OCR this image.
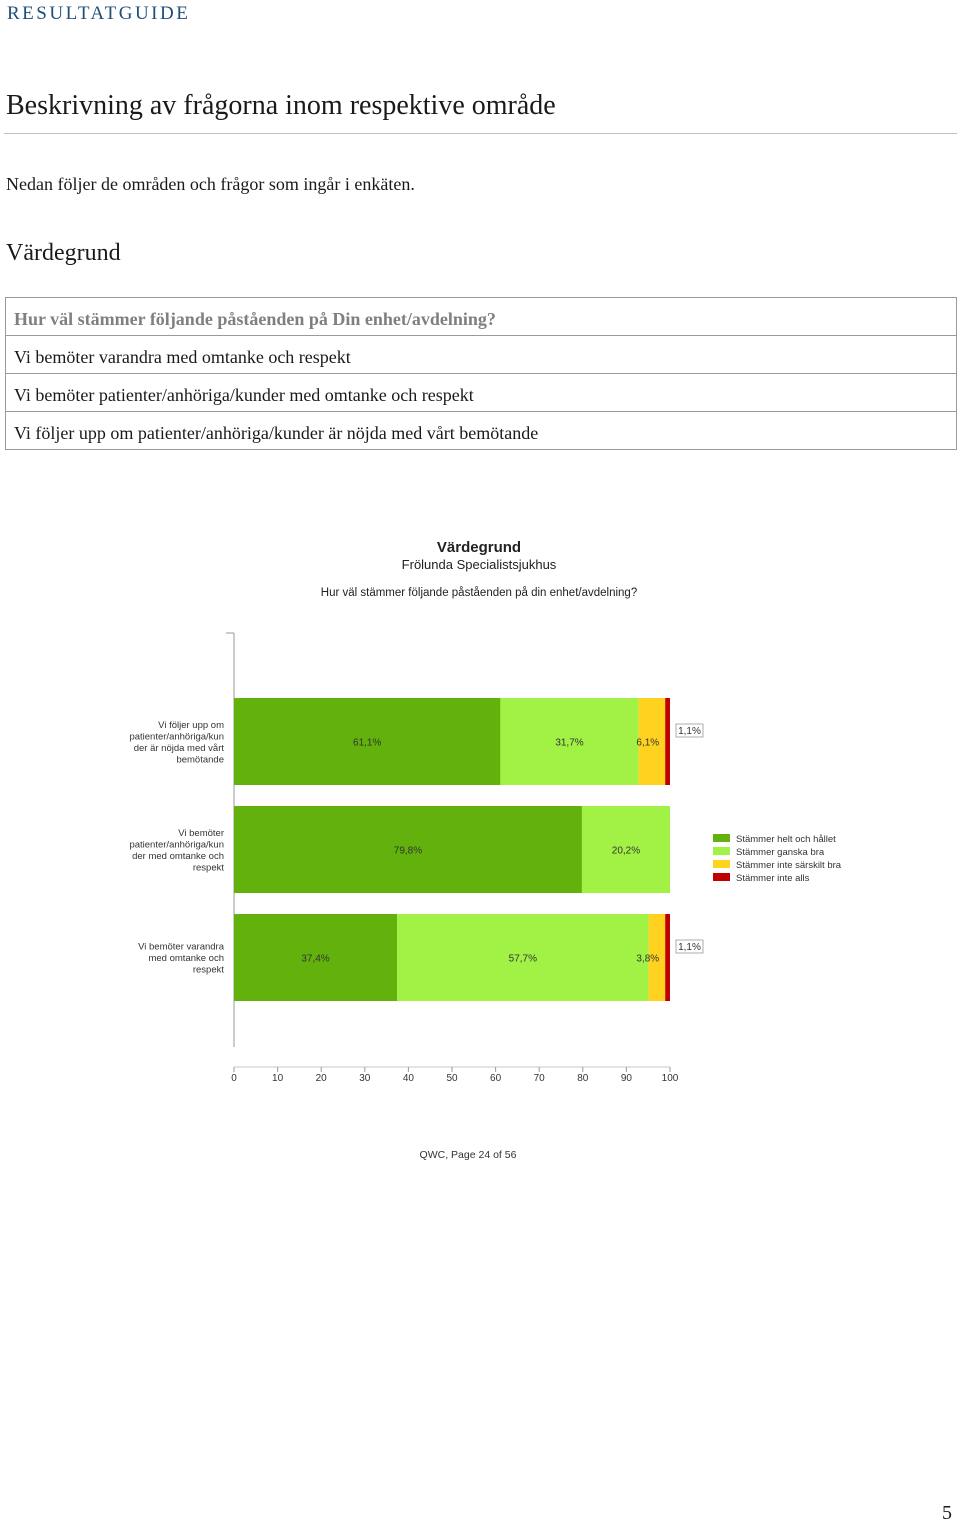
RESULTATGUIDE
Beskrivning av frågorna inom respektive område
Nedan följer de områden och frågor som ingår i enkäten.
Värdegrund
Hur väl stämmer följande påståenden på Din enhet/avdelning?
Vi bemöter varandra med omtanke och respekt
Vi bemöter patienter/anhöriga/kunder med omtanke och respekt
Vi följer upp om patienter/anhöriga/kunder är nöjda med vårt bemötande
Värdegrund
Frölunda Specialistsjukhus
Hur väl stämmer följande påståenden på din enhet/avdelning?
0	10	20	30	40	50	60	70	80	90	100
61,1%	31,7%	6,1%
1,1%
Vi följer upp om
patienter/anhöriga/kun
der är nöjda med vårt
bemötande
79,8%	20,2%
Vi bemöter
patienter/anhöriga/kun
der med omtanke och
respekt
37,4%	57,7%	3,8%
1,1%
Vi bemöter varandra
med omtanke och
respekt
Stämmer helt och hållet
Stämmer ganska bra
Stämmer inte särskilt bra
Stämmer inte alls
QWC, Page 24 of 56
5
